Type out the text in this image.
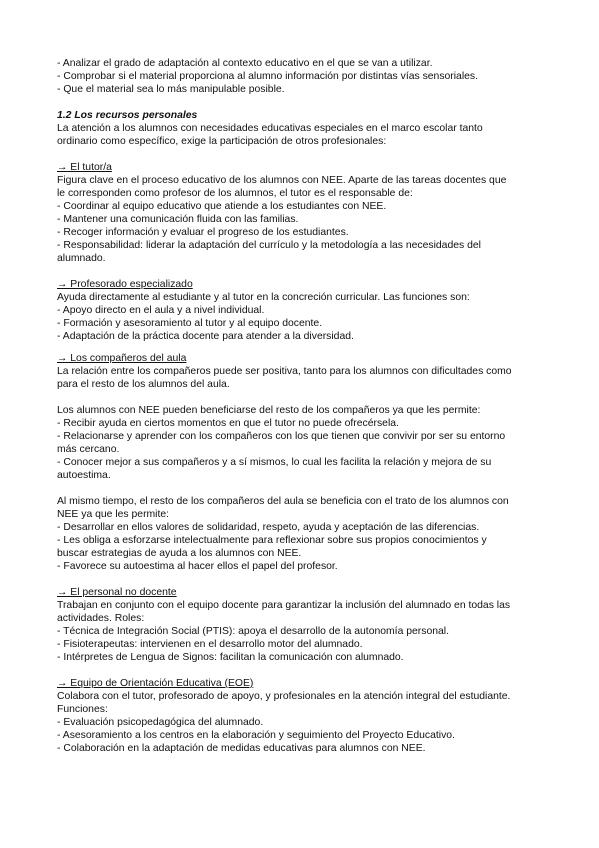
- Analizar el grado de adaptación al contexto educativo en el que se van a utilizar.
- Comprobar si el material proporciona al alumno información por distintas vías sensoriales.
- Que el material sea lo más manipulable posible.
1.2 Los recursos personales
La atención a los alumnos con necesidades educativas especiales en el marco escolar tanto
ordinario como específico, exige la participación de otros profesionales:
→ El tutor/a
Figura clave en el proceso educativo de los alumnos con NEE. Aparte de las tareas docentes que
le corresponden como profesor de los alumnos, el tutor es el responsable de:
- Coordinar al equipo educativo que atiende a los estudiantes con NEE.
- Mantener una comunicación fluida con las familias.
- Recoger información y evaluar el progreso de los estudiantes.
- Responsabilidad: liderar la adaptación del currículo y la metodología a las necesidades del
alumnado.
→ Profesorado especializado
Ayuda directamente al estudiante y al tutor en la concreción curricular. Las funciones son:
- Apoyo directo en el aula y a nivel individual.
- Formación y asesoramiento al tutor y al equipo docente.
- Adaptación de la práctica docente para atender a la diversidad.
→ Los compañeros del aula
La relación entre los compañeros puede ser positiva, tanto para los alumnos con dificultades como
para el resto de los alumnos del aula.
Los alumnos con NEE pueden beneficiarse del resto de los compañeros ya que les permite:
- Recibir ayuda en ciertos momentos en que el tutor no puede ofrecérsela.
- Relacionarse y aprender con los compañeros con los que tienen que convivir por ser su entorno
más cercano.
- Conocer mejor a sus compañeros y a sí mismos, lo cual les facilita la relación y mejora de su
autoestima.
Al mismo tiempo, el resto de los compañeros del aula se beneficia con el trato de los alumnos con
NEE ya que les permite:
- Desarrollar en ellos valores de solidaridad, respeto, ayuda y aceptación de las diferencias.
- Les obliga a esforzarse intelectualmente para reflexionar sobre sus propios conocimientos y
buscar estrategias de ayuda a los alumnos con NEE.
- Favorece su autoestima al hacer ellos el papel del profesor.
→ El personal no docente
Trabajan en conjunto con el equipo docente para garantizar la inclusión del alumnado en todas las
actividades. Roles:
- Técnica de Integración Social (PTIS): apoya el desarrollo de la autonomía personal.
- Fisioterapeutas: intervienen en el desarrollo motor del alumnado.
- Intérpretes de Lengua de Signos: facilitan la comunicación con alumnado.
→ Equipo de Orientación Educativa (EOE)
Colabora con el tutor, profesorado de apoyo, y profesionales en la atención integral del estudiante.
Funciones:
- Evaluación psicopedagógica del alumnado.
- Asesoramiento a los centros en la elaboración y seguimiento del Proyecto Educativo.
- Colaboración en la adaptación de medidas educativas para alumnos con NEE.
